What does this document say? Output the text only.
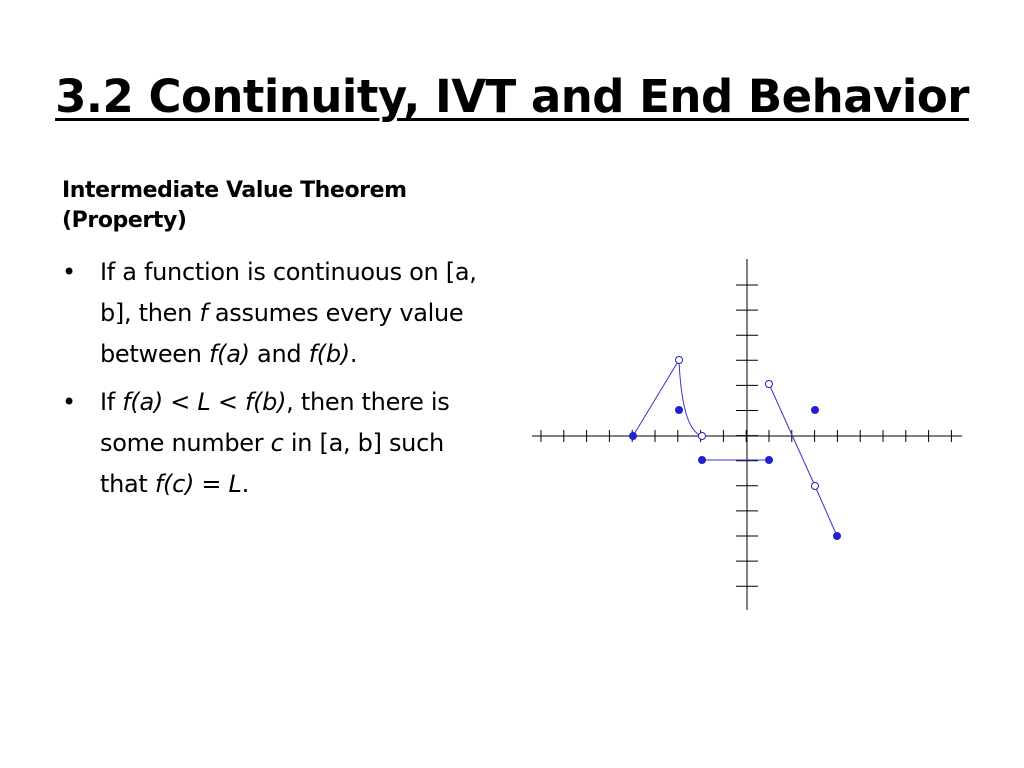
3.2 Continuity, IVT and End Behavior
Intermediate Value Theorem
(Property)
• If a function is continuous on [a, b], then f assumes every value between f(a) and f(b).
• If f(a) < L < f(b), then there is some number c in [a, b] such that f(c) = L.
